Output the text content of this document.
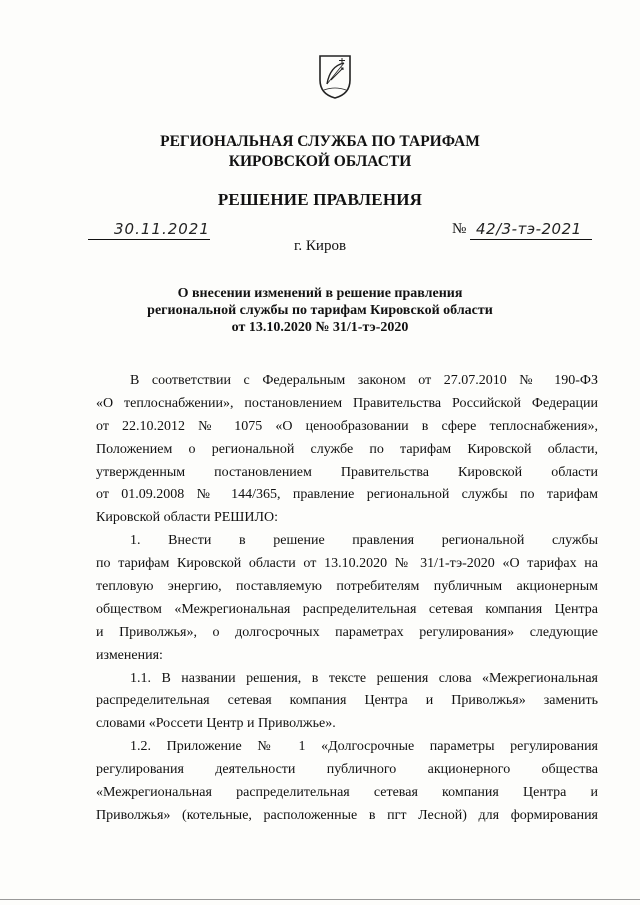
РЕГИОНАЛЬНАЯ СЛУЖБА ПО ТАРИФАМ
КИРОВСКОЙ ОБЛАСТИ
РЕШЕНИЕ ПРАВЛЕНИЯ
30.11.2021	№ 42/3-тэ-2021
г. Киров
О внесении изменений в решение правления
региональной службы по тарифам Кировской области
от 13.10.2020 № 31/1-тэ-2020
В соответствии с Федеральным законом от 27.07.2010 № 190-ФЗ
«О теплоснабжении», постановлением Правительства Российской Федерации
от 22.10.2012 № 1075 «О ценообразовании в сфере теплоснабжения»,
Положением о региональной службе по тарифам Кировской области,
утвержденным постановлением Правительства Кировской области
от 01.09.2008 № 144/365, правление региональной службы по тарифам
Кировской области РЕШИЛО:
1. Внести в решение правления региональной службы
по тарифам Кировской области от 13.10.2020 № 31/1-тэ-2020 «О тарифах на
тепловую энергию, поставляемую потребителям публичным акционерным
обществом «Межрегиональная распределительная сетевая компания Центра
и Приволжья», о долгосрочных параметрах регулирования» следующие
изменения:
1.1. В названии решения, в тексте решения слова «Межрегиональная
распределительная сетевая компания Центра и Приволжья» заменить
словами «Россети Центр и Приволжье».
1.2. Приложение № 1 «Долгосрочные параметры регулирования
регулирования деятельности публичного акционерного общества
«Межрегиональная распределительная сетевая компания Центра и
Приволжья» (котельные, расположенные в пгт Лесной) для формирования
